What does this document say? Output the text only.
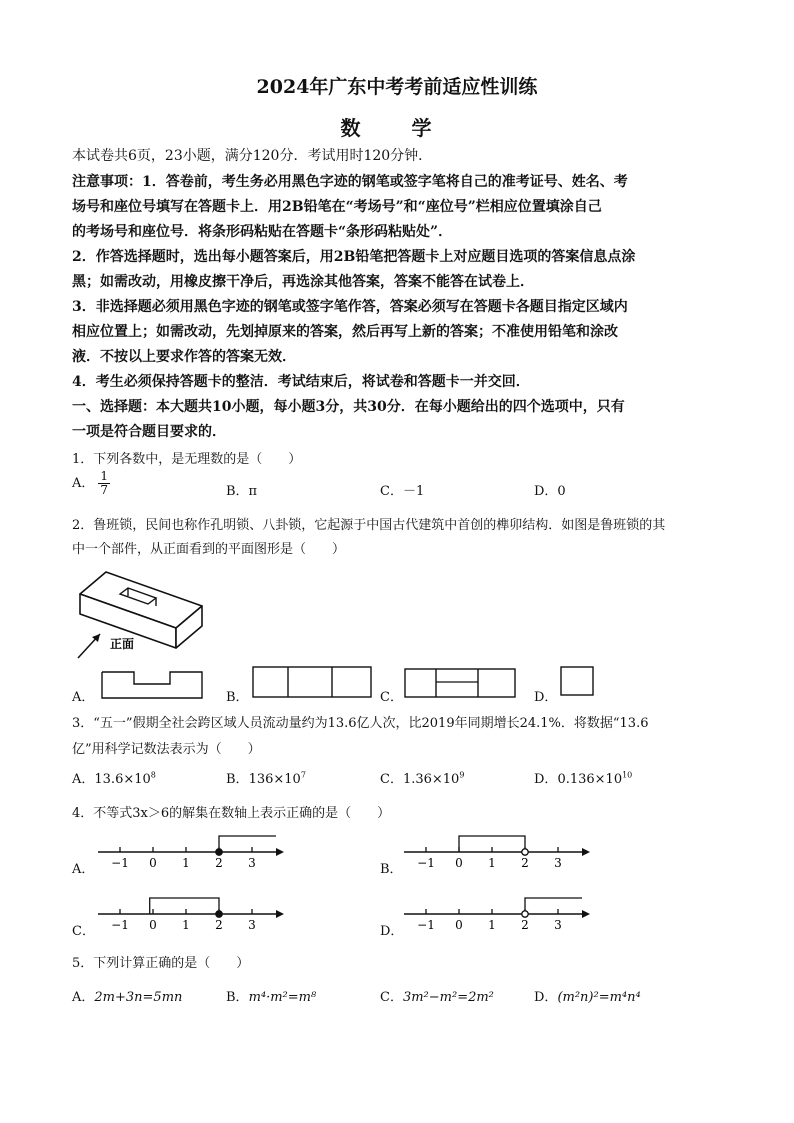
2024年广东中考考前适应性训练
数 学
本试卷共6页，23小题，满分120分．考试用时120分钟．
注意事项：1．答卷前，考生务必用黑色字迹的钢笔或签字笔将自己的准考证号、姓名、考
场号和座位号填写在答题卡上．用2B铅笔在“考场号”和“座位号”栏相应位置填涂自己
的考场号和座位号．将条形码粘贴在答题卡“条形码粘贴处”．
2．作答选择题时，选出每小题答案后，用2B铅笔把答题卡上对应题目选项的答案信息点涂
黑；如需改动，用橡皮擦干净后，再选涂其他答案，答案不能答在试卷上．
3．非选择题必须用黑色字迹的钢笔或签字笔作答，答案必须写在答题卡各题目指定区域内
相应位置上；如需改动，先划掉原来的答案，然后再写上新的答案；不准使用铅笔和涂改
液．不按以上要求作答的答案无效．
4．考生必须保持答题卡的整洁．考试结束后，将试卷和答题卡一并交回．
一、选择题：本大题共10小题，每小题3分，共30分．在每小题给出的四个选项中，只有
一项是符合题目要求的．
1．下列各数中，是无理数的是（　　）
A． $\frac{1}{7}$	B．π	C．－1	D．0
2．鲁班锁，民间也称作孔明锁、八卦锁，它起源于中国古代建筑中首创的榫卯结构．如图是鲁班锁的其
中一个部件，从正面看到的平面图形是（　　）
正面
A．	B．	C．	D．
3．“五一”假期全社会跨区域人员流动量约为13.6亿人次，比2019年同期增长24.1%．将数据“13.6
亿”用科学记数法表示为（　　）
A．$13.6\times 10^8$	B．$136\times 10^7$	C．$1.36\times 10^9$	D．$0.136\times 10^{10}$
4．不等式3x＞6的解集在数轴上表示正确的是（　　）
A． −1 0 1 2 3	B． −1 0 1 2 3
C． −1 0 1 2 3	D． −1 0 1 2 3
5．下列计算正确的是（　　）
A．2m+3n=5mn	B．m⁴·m²=m⁸	C．3m²−m²=2m²	D．(m²n)²=m⁴n⁴
